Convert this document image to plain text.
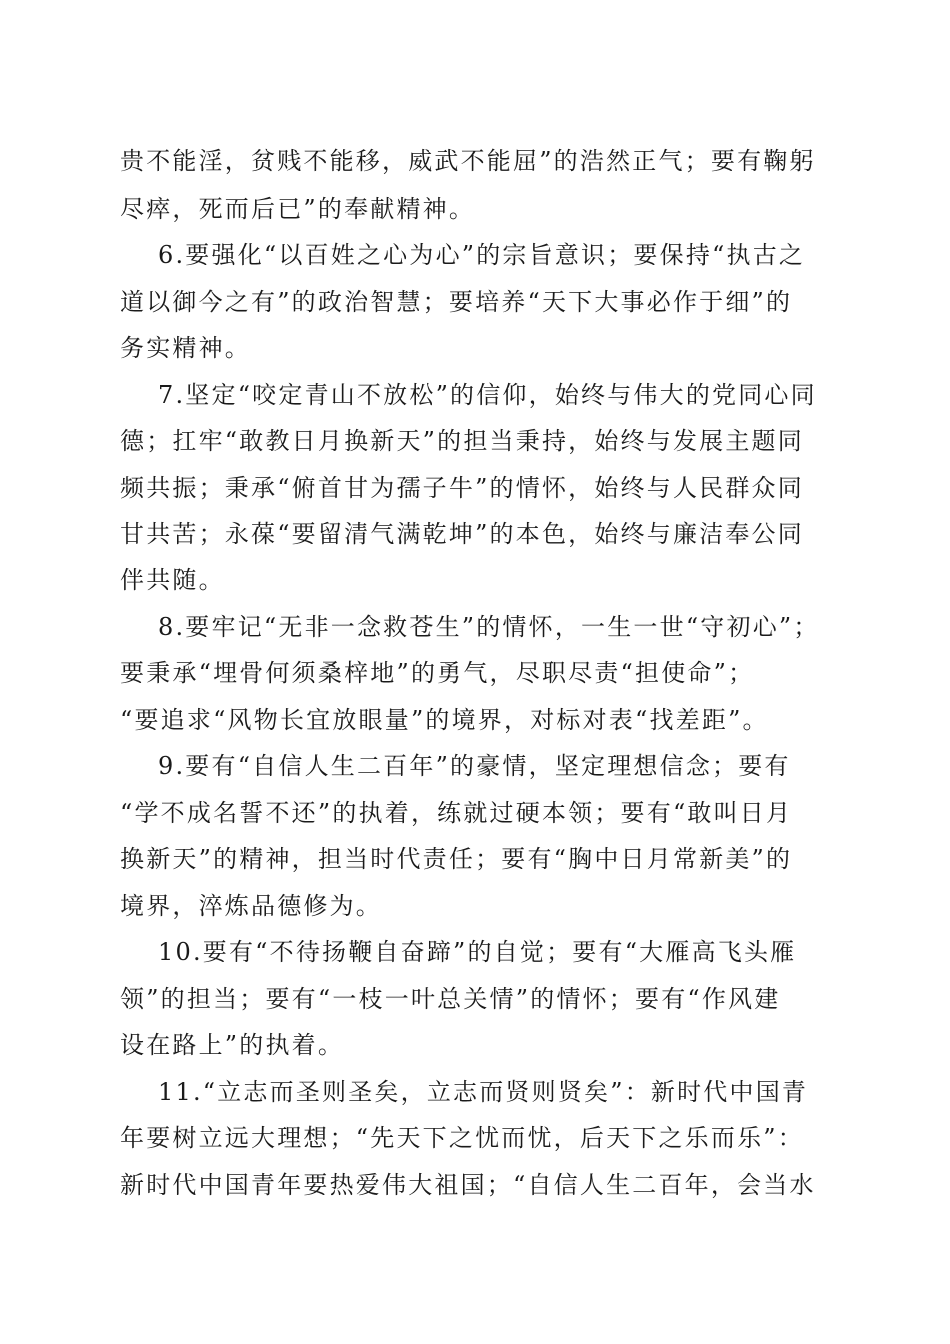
贵不能淫，贫贱不能移，威武不能屈”的浩然正气；要有鞠躬
尽瘁，死而后已”的奉献精神。
6.要强化“以百姓之心为心”的宗旨意识；要保持“执古之
道以御今之有”的政治智慧；要培养“天下大事必作于细”的
务实精神。
7.坚定“咬定青山不放松”的信仰，始终与伟大的党同心同
德；扛牢“敢教日月换新天”的担当秉持，始终与发展主题同
频共振；秉承“俯首甘为孺子牛”的情怀，始终与人民群众同
甘共苦；永葆“要留清气满乾坤”的本色，始终与廉洁奉公同
伴共随。
8.要牢记“无非一念救苍生”的情怀，一生一世“守初心”；
要秉承“埋骨何须桑梓地”的勇气，尽职尽责“担使命”；
“要追求“风物长宜放眼量”的境界，对标对表“找差距”。
9.要有“自信人生二百年”的豪情，坚定理想信念；要有
“学不成名誓不还”的执着，练就过硬本领；要有“敢叫日月
换新天”的精神，担当时代责任；要有“胸中日月常新美”的
境界，淬炼品德修为。
10.要有“不待扬鞭自奋蹄”的自觉；要有“大雁高飞头雁
领”的担当；要有“一枝一叶总关情”的情怀；要有“作风建
设在路上”的执着。
11.“立志而圣则圣矣，立志而贤则贤矣”：新时代中国青
年要树立远大理想；“先天下之忧而忧，后天下之乐而乐”：
新时代中国青年要热爱伟大祖国；“自信人生二百年，会当水
